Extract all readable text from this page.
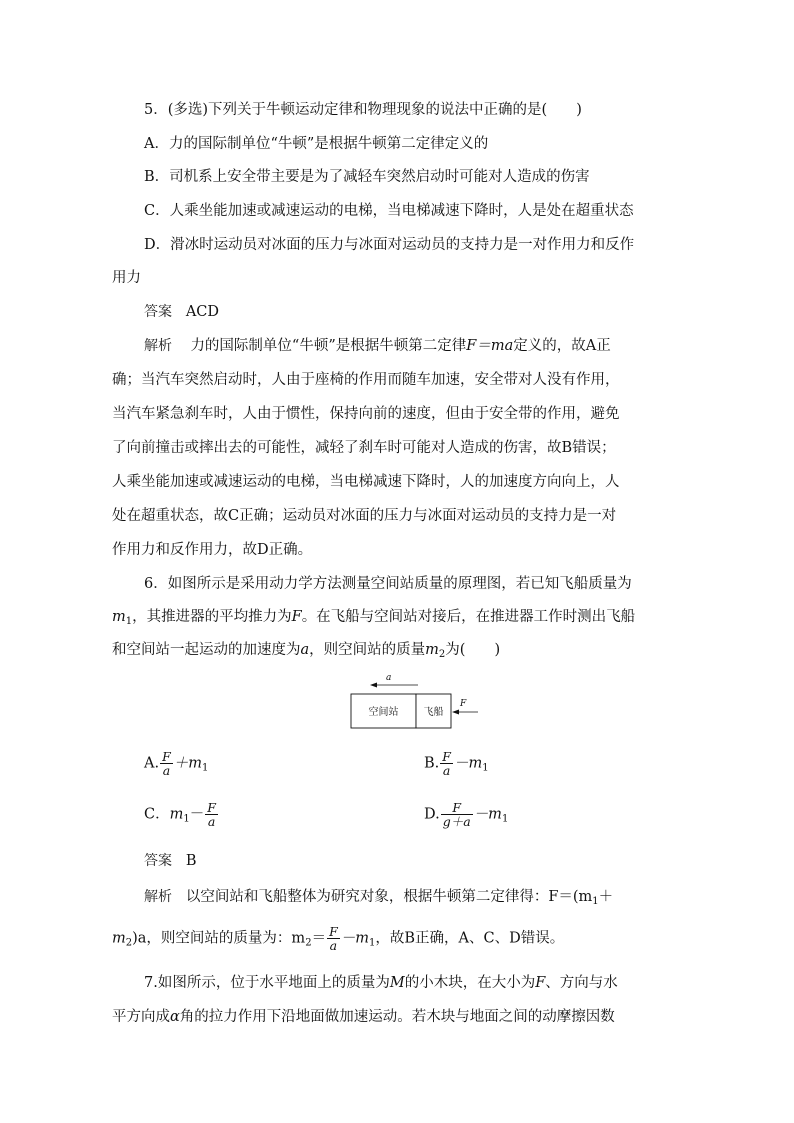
5．(多选)下列关于牛顿运动定律和物理现象的说法中正确的是(　　)
A．力的国际制单位“牛顿”是根据牛顿第二定律定义的
B．司机系上安全带主要是为了减轻车突然启动时可能对人造成的伤害
C．人乘坐能加速或减速运动的电梯，当电梯减速下降时，人是处在超重状态
D．滑冰时运动员对冰面的压力与冰面对运动员的支持力是一对作用力和反作
用力
答案 ACD
解析 力的国际制单位“牛顿”是根据牛顿第二定律F＝ma定义的，故A正
确；当汽车突然启动时，人由于座椅的作用而随车加速，安全带对人没有作用，
当汽车紧急刹车时，人由于惯性，保持向前的速度，但由于安全带的作用，避免
了向前撞击或摔出去的可能性，减轻了刹车时可能对人造成的伤害，故B错误；
人乘坐能加速或减速运动的电梯，当电梯减速下降时，人的加速度方向向上，人
处在超重状态，故C正确；运动员对冰面的压力与冰面对运动员的支持力是一对
作用力和反作用力，故D正确。
6．如图所示是采用动力学方法测量空间站质量的原理图，若已知飞船质量为
$m_1$，其推进器的平均推力为F。在飞船与空间站对接后，在推进器工作时测出飞船
和空间站一起运动的加速度为a，则空间站的质量$m_2$为(　　)
a
空间站	飞船
F
A. $\frac{F}{a} +m_1$	B. $\frac{F}{a} -m_1$
C．$m_1- \frac{F}{a}$	D. $\frac{F}{g+a} -m_1$
答案 B
解析 以空间站和飞船整体为研究对象，根据牛顿第二定律得：$F=(m_1+$
$m_2)a$，则空间站的质量为：$m_2= \frac{F}{a} -m_1$，故B正确，A、C、D错误。
7.如图所示，位于水平地面上的质量为M的小木块，在大小为F、方向与水
平方向成α角的拉力作用下沿地面做加速运动。若木块与地面之间的动摩擦因数
